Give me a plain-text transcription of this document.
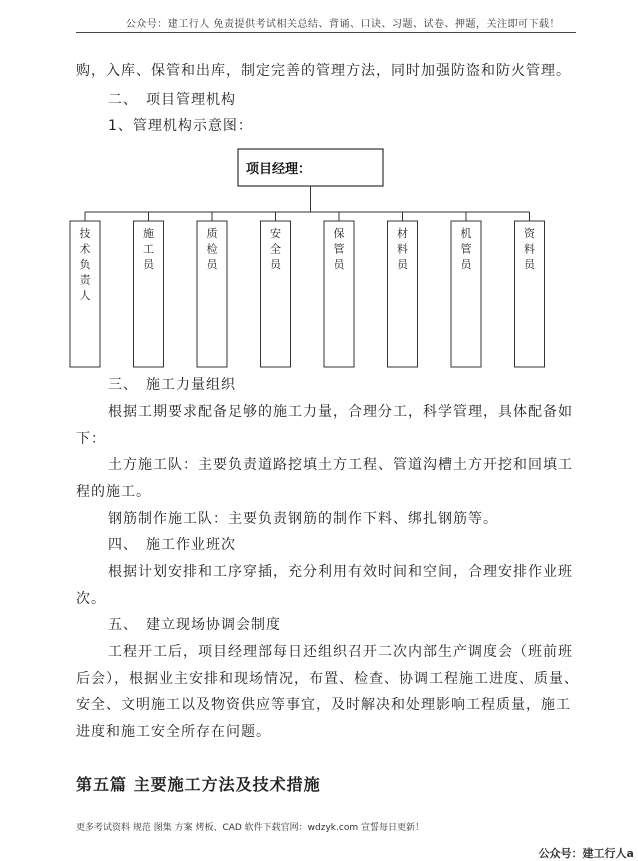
公众号：建工行人 免责提供考试相关总结、背诵、口诀、习题、试卷、押题，关注即可下载！
购，入库、保管和出库，制定完善的管理方法，同时加强防盗和防火管理。
二、 项目管理机构
1、管理机构示意图：
项目经理：
技
术
负
责
人
施
工
员
质
检
员
安
全
员
保
管
员
材
料
员
机
管
员
资
料
员
三、 施工力量组织
根据工期要求配备足够的施工力量，合理分工，科学管理，具体配备如
下：
土方施工队：主要负责道路挖填土方工程、管道沟槽土方开挖和回填工
程的施工。
钢筋制作施工队：主要负责钢筋的制作下料、绑扎钢筋等。
四、 施工作业班次
根据计划安排和工序穿插，充分利用有效时间和空间，合理安排作业班
次。
五、 建立现场协调会制度
工程开工后，项目经理部每日还组织召开二次内部生产调度会（班前班
后会），根据业主安排和现场情况，布置、检查、协调工程施工进度、质量、
安全、文明施工以及物资供应等事宜，及时解决和处理影响工程质量，施工
进度和施工安全所存在问题。
第五篇 主要施工方法及技术措施
更多考试资料 规范 图集 方案 烤板、CAD 软件下载官网：wdzyk.com 宣誓每日更新！
公众号：建工行人a
